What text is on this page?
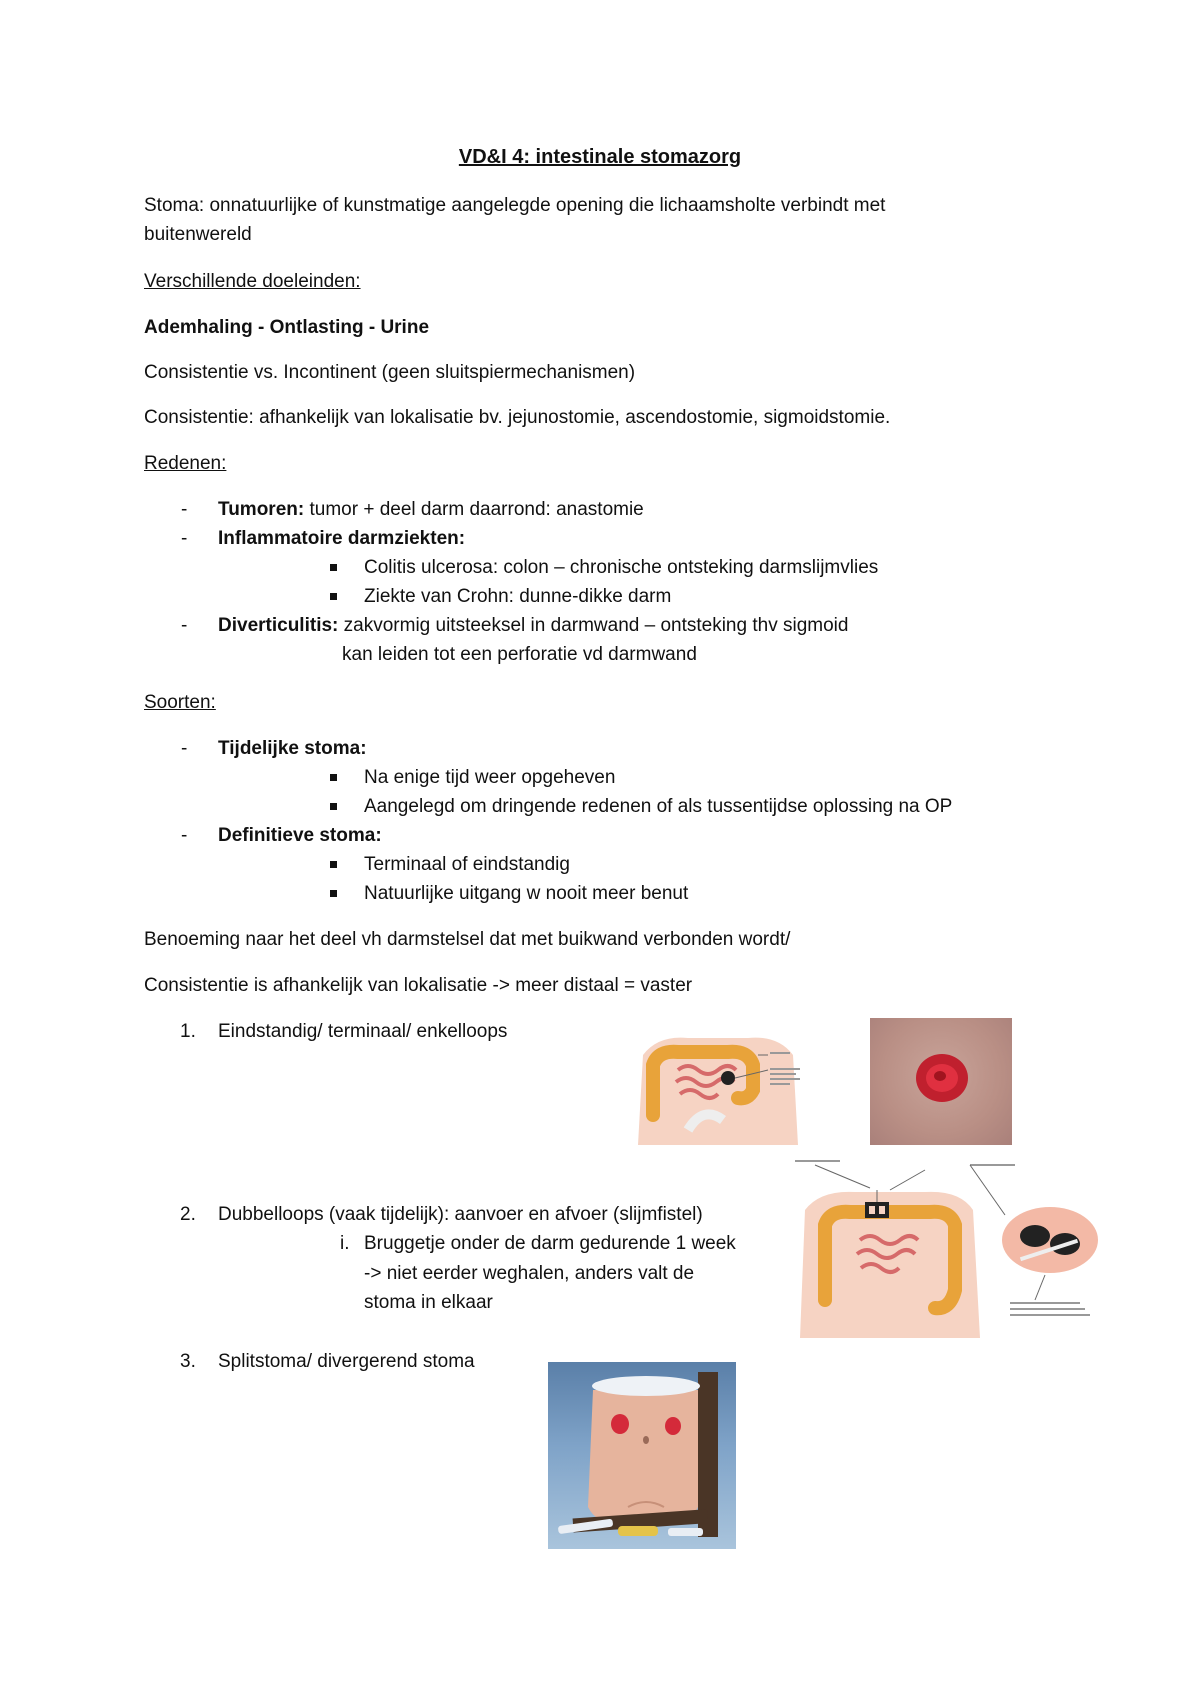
VD&I 4: intestinale stomazorg
Stoma: onnatuurlijke of kunstmatige aangelegde opening die lichaamsholte verbindt met
buitenwereld
Verschillende doeleinden:
Ademhaling - Ontlasting - Urine
Consistentie vs. Incontinent (geen sluitspiermechanismen)
Consistentie: afhankelijk van lokalisatie bv. jejunostomie, ascendostomie, sigmoidstomie.
Redenen:
- Tumoren: tumor + deel darm daarrond: anastomie
- Inflammatoire darmziekten:
Colitis ulcerosa: colon – chronische ontsteking darmslijmvlies
Ziekte van Crohn: dunne-dikke darm
- Diverticulitis: zakvormig uitsteeksel in darmwand – ontsteking thv sigmoid
kan leiden tot een perforatie vd darmwand
Soorten:
- Tijdelijke stoma:
Na enige tijd weer opgeheven
Aangelegd om dringende redenen of als tussentijdse oplossing na OP
- Definitieve stoma:
Terminaal of eindstandig
Natuurlijke uitgang w nooit meer benut
Benoeming naar het deel vh darmstelsel dat met buikwand verbonden wordt/
Consistentie is afhankelijk van lokalisatie -> meer distaal = vaster
1. Eindstandig/ terminaal/ enkelloops
2. Dubbelloops (vaak tijdelijk): aanvoer en afvoer (slijmfistel)
i. Bruggetje onder de darm gedurende 1 week
-> niet eerder weghalen, anders valt de
stoma in elkaar
3. Splitstoma/ divergerend stoma
